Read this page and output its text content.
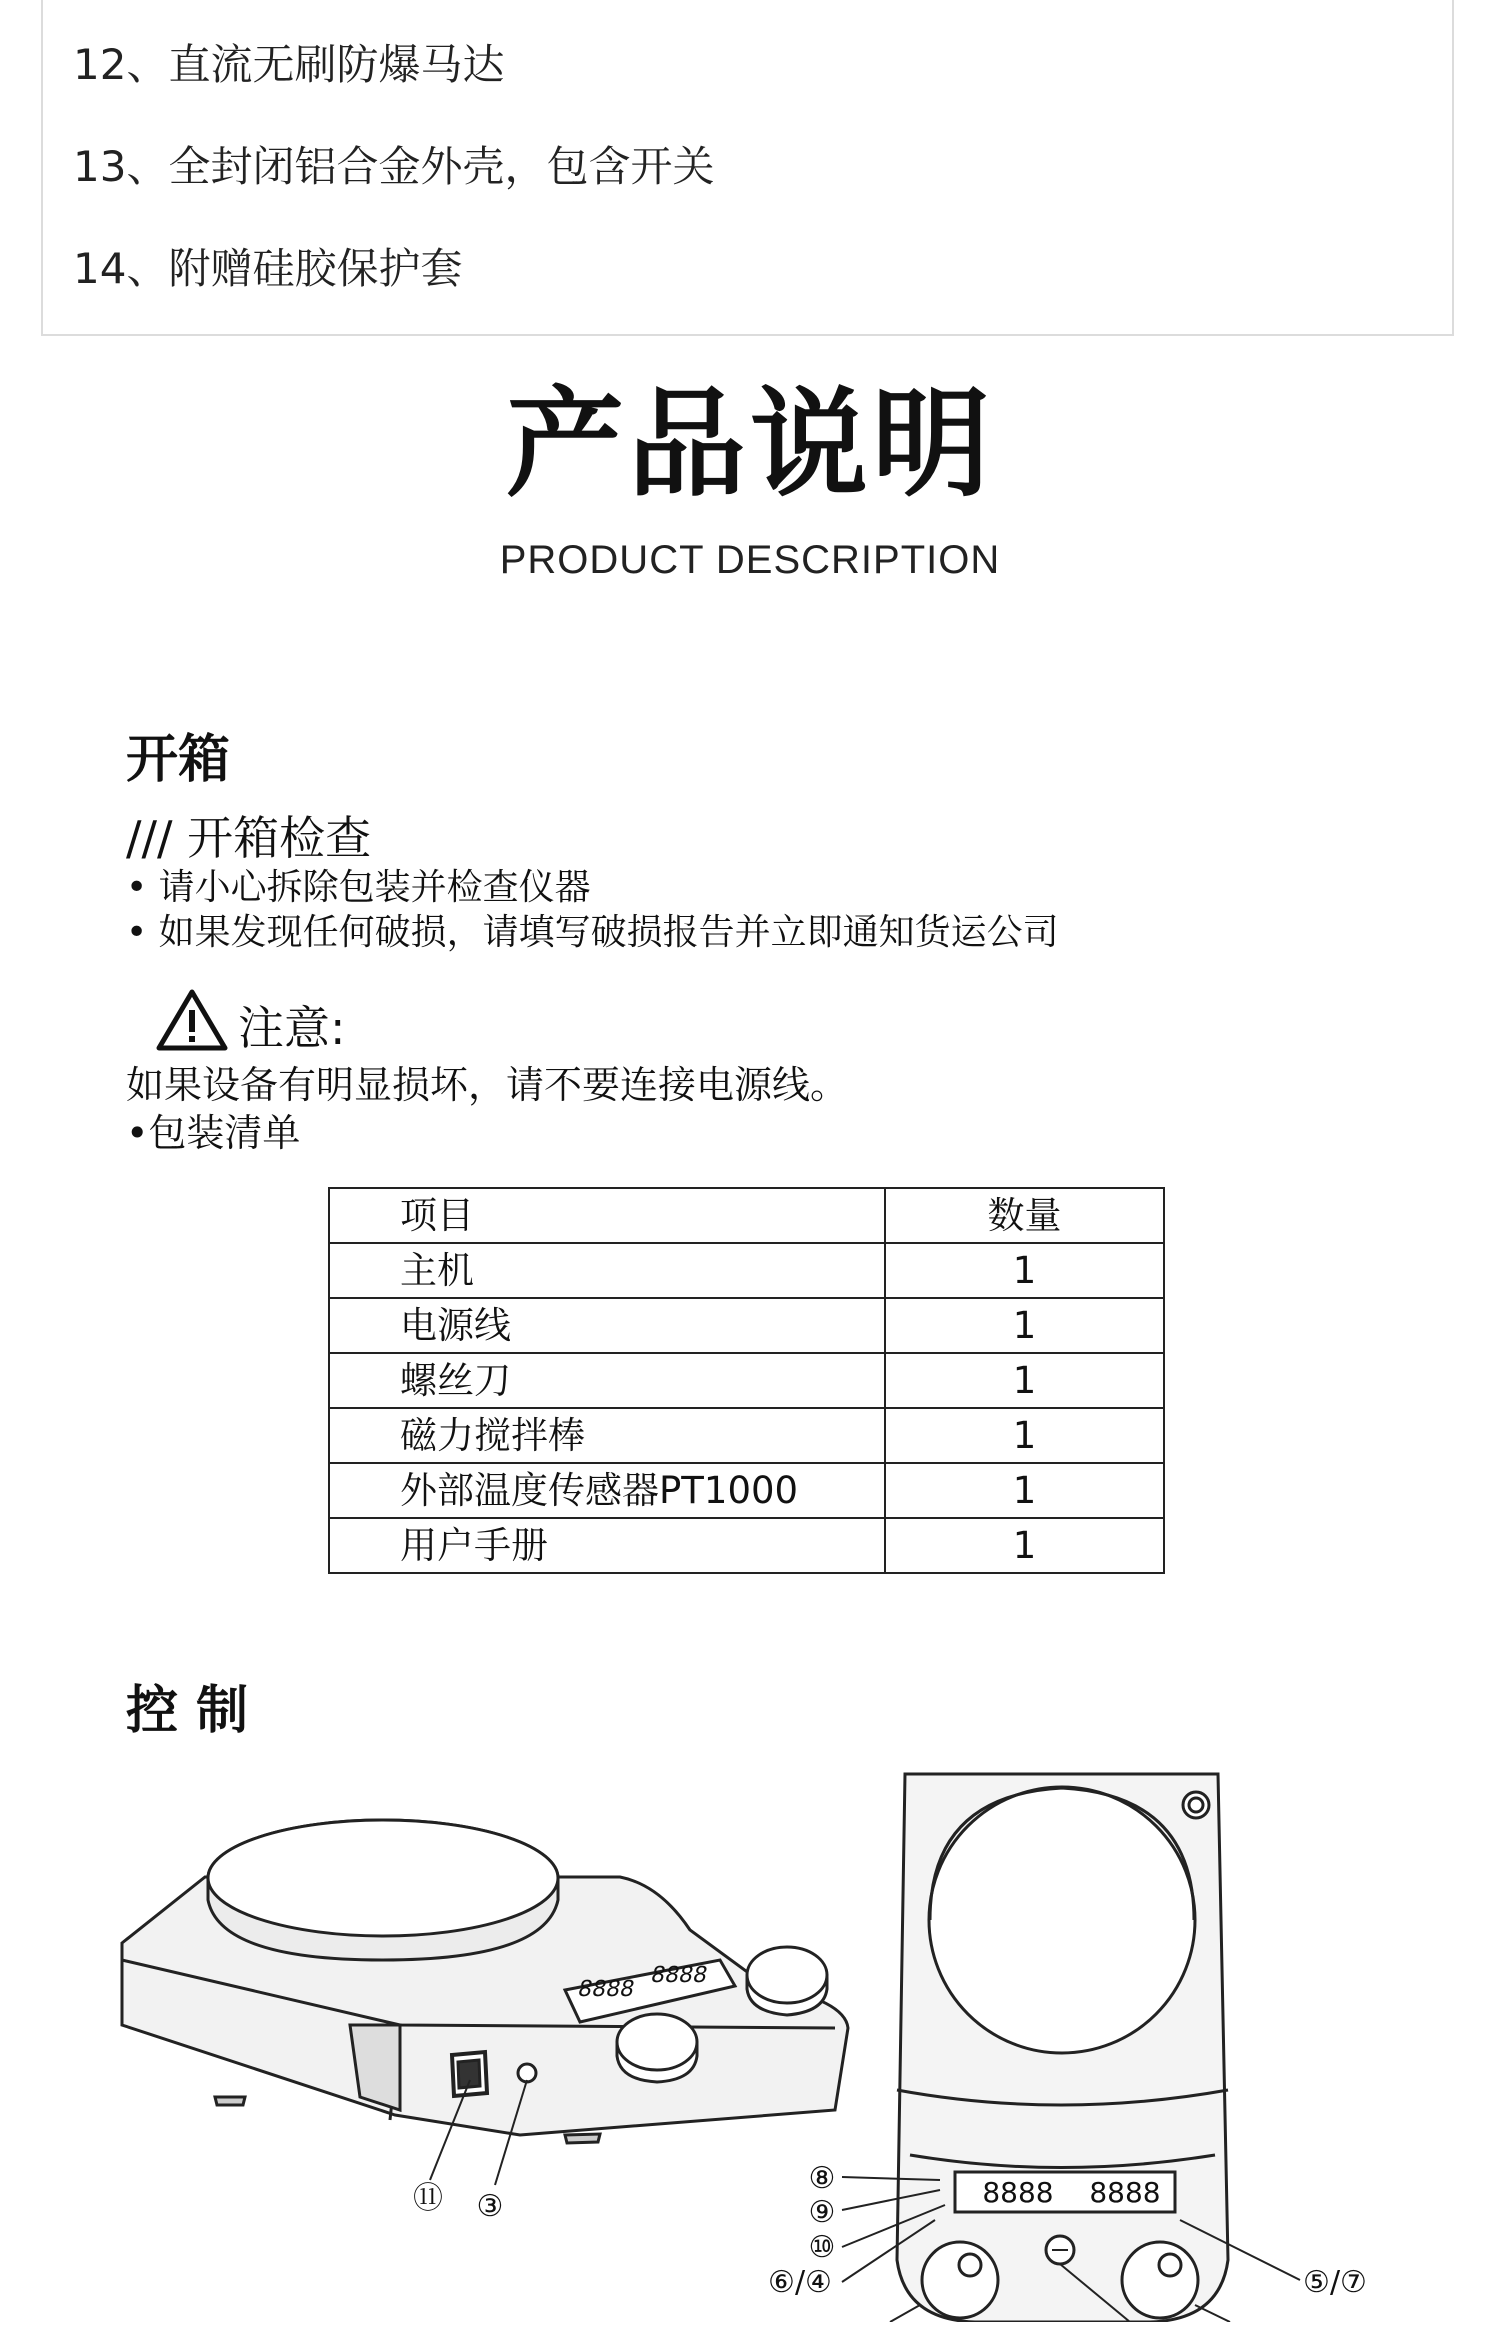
12、直流无刷防爆马达
13、全封闭铝合金外壳，包含开关
14、附赠硅胶保护套
产品说明
PRODUCT DESCRIPTION
开箱
/// 开箱检查
• 请小心拆除包装并检查仪器
• 如果发现任何破损，请填写破损报告并立即通知货运公司
注意:
如果设备有明显损坏，请不要连接电源线。
•包装清单
项目	数量
主机	1
电源线	1
螺丝刀	1
磁力搅拌棒	1
外部温度传感器PT1000	1
用户手册	1
控 制
8888
8888
⑪ ③	8888 8888
⑧
⑨
⑩
⑥/④	⑤/⑦
